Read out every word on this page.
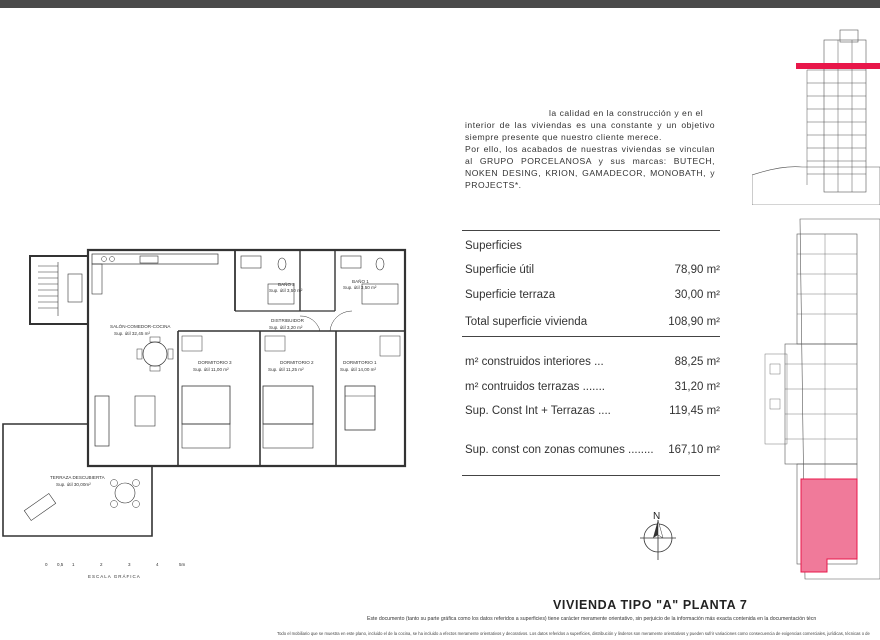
la calidad en la construcción y en el

interior de las viviendas es una constante y un objetivo siempre presente que nuestro cliente merece.

Por ello, los acabados de nuestras viviendas se vinculan al GRUPO PORCELANOSA y sus marcas: BUTECH, NOKEN DESING, KRION, GAMADECOR, MONOBATH, y PROJECTS*.

Superficies
Superficie útil	78,90 m²
Superficie terraza	30,00 m²
Total superficie vivienda	108,90 m²
m² construidos interiores ...	88,25 m²
m² contruidos terrazas .......	31,20 m²
Sup. Const Int + Terrazas ....	119,45 m²
Sup. const con zonas comunes ........ 167,10 m²
SALÓN-COMEDOR-COCINA
Sup. útil 32,45 m²
DISTRIBUIDOR
Sup. útil 3,20 m²
BAÑO 2
Sup. útil 3,50 m²
BAÑO 1
Sup. útil 3,50 m²
DORMITORIO 3
Sup. útil 11,00 m²
DORMITORIO 2
Sup. útil 11,25 m²
DORMITORIO 1
Sup. útil 14,00 m²
TERRAZA DESCUBIERTA
Sup. útil 30,00m²
0 0,5 1	2	3	4	5m
ESCALA GRÁFICA
N
VIVIENDA TIPO "A" PLANTA 7
Este documento (tanto su parte gráfica como los datos referidos a superficies) tiene carácter meramente orientativo, sin perjuicio de la información más exacta contenida en la documentación técn
Todo el mobiliario que se muestra en este plano, incluido el de la cocina, se ha incluido a efectos meramente orientativos y decorativos. Los datos referidos a superficies, distribución y linderos son meramente orientativos y pueden sufrir variaciones como consecuencia de exigencias comerciales, jurídicas, técnicas o de
